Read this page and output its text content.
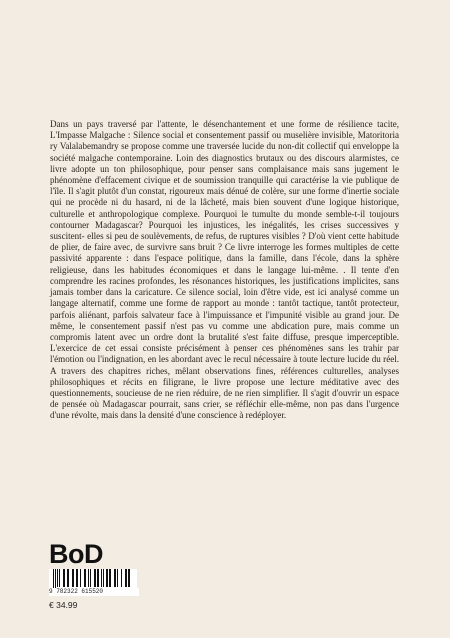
Dans un pays traversé par l'attente, le désenchantement et une forme de résilience tacite, L'Impasse Malgache : Silence social et consentement passif ou muselière invisible, Matoritoria ry Valalabemandry se propose comme une traversée lucide du non-dit collectif qui enveloppe la société malgache contemporaine. Loin des diagnostics brutaux ou des discours alarmistes, ce livre adopte un ton philosophique, pour penser sans complaisance mais sans jugement le phénomène d'effacement civique et de soumission tranquille qui caractérise la vie publique de l'île. Il s'agit plutôt d'un constat, rigoureux mais dénué de colère, sur une forme d'inertie sociale qui ne procède ni du hasard, ni de la lâcheté, mais bien souvent d'une logique historique, culturelle et anthropologique complexe. Pourquoi le tumulte du monde semble-t-il toujours contourner Madagascar? Pourquoi les injustices, les inégalités, les crises successives y suscitent- elles si peu de soulèvements, de refus, de ruptures visibles ? D'où vient cette habitude de plier, de faire avec, de survivre sans bruit ? Ce livre interroge les formes multiples de cette passivité apparente : dans l'espace politique, dans la famille, dans l'école, dans la sphère religieuse, dans les habitudes économiques et dans le langage lui-même. . Il tente d'en comprendre les racines profondes, les résonances historiques, les justifications implicites, sans jamais tomber dans la caricature. Ce silence social, loin d'être vide, est ici analysé comme un langage alternatif, comme une forme de rapport au monde : tantôt tactique, tantôt protecteur, parfois aliénant, parfois salvateur face à l'impuissance et l'impunité visible au grand jour. De même, le consentement passif n'est pas vu comme une abdication pure, mais comme un compromis latent avec un ordre dont la brutalité s'est faite diffuse, presque imperceptible. L'exercice de cet essai consiste précisément à penser ces phénomènes sans les trahir par l'émotion ou l'indignation, en les abordant avec le recul nécessaire à toute lecture lucide du réel. A travers des chapitres riches, mêlant observations fines, références culturelles, analyses philosophiques et récits en filigrane, le livre propose une lecture méditative avec des questionnements, soucieuse de ne rien réduire, de ne rien simplifier. Il s'agit d'ouvrir un espace de pensée où Madagascar pourrait, sans crier, se réfléchir elle-même, non pas dans l'urgence d'une révolte, mais dans la densité d'une conscience à redéployer.

BoD
9 782322 615520
€ 34.99
